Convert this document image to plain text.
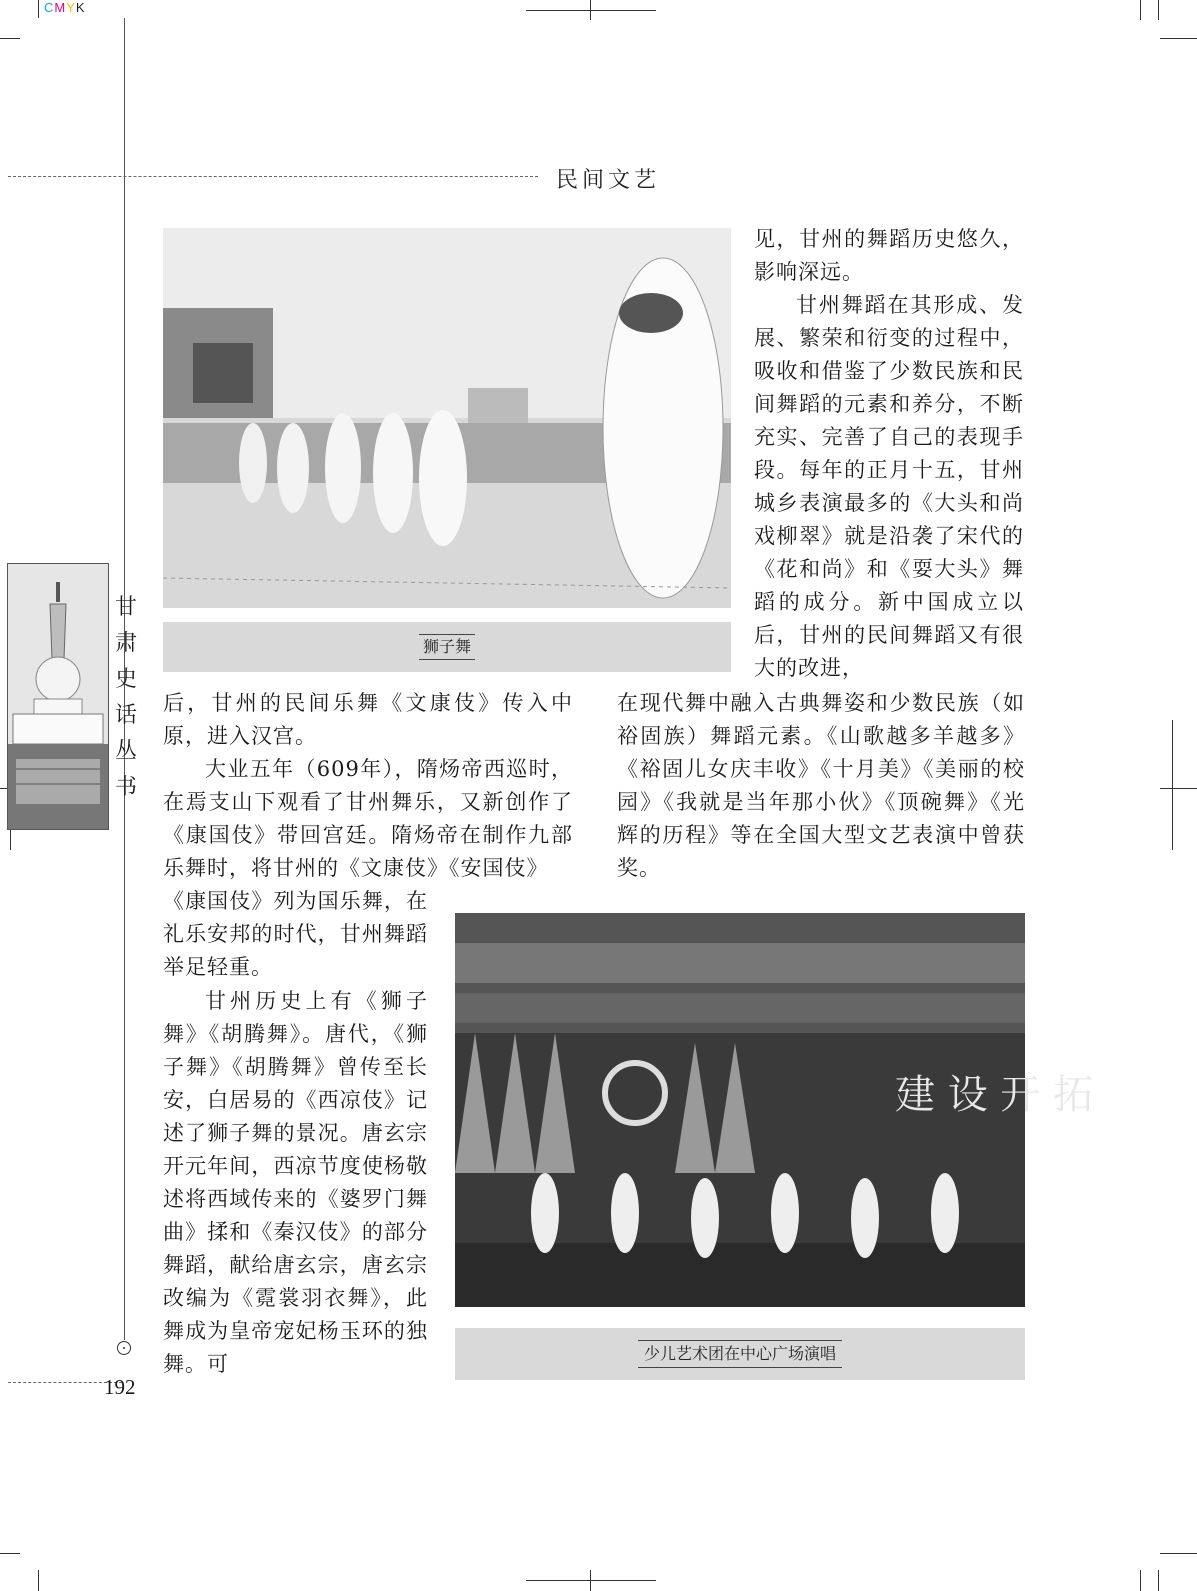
CMYK
民间文艺
甘
肃
史
话
丛
书
狮子舞
见，甘州的舞蹈历史悠久，影响深远。
甘州舞蹈在其形成、发展、繁荣和衍变的过程中，吸收和借鉴了少数民族和民间舞蹈的元素和养分，不断充实、完善了自己的表现手段。每年的正月十五，甘州城乡表演最多的《大头和尚戏柳翠》就是沿袭了宋代的《花和尚》和《耍大头》舞蹈的成分。新中国成立以后，甘州的民间舞蹈又有很大的改进，
后，甘州的民间乐舞《文康伎》传入中原，进入汉宫。
大业五年（609年），隋炀帝西巡时，在焉支山下观看了甘州舞乐，又新创作了《康国伎》带回宫廷。隋炀帝在制作九部乐舞时，将甘州的《文康伎》《安国伎》
《康国伎》列为国乐舞，在礼乐安邦的时代，甘州舞蹈举足轻重。
甘州历史上有《狮子舞》《胡腾舞》。唐代，《狮子舞》《胡腾舞》曾传至长安，白居易的《西凉伎》记述了狮子舞的景况。唐玄宗开元年间，西凉节度使杨敬述将西域传来的《婆罗门舞曲》揉和《秦汉伎》的部分舞蹈，献给唐玄宗，唐玄宗改编为《霓裳羽衣舞》，此舞成为皇帝宠妃杨玉环的独舞。可
在现代舞中融入古典舞姿和少数民族（如裕固族）舞蹈元素。《山歌越多羊越多》《裕固儿女庆丰收》《十月美》《美丽的校园》《我就是当年那小伙》《顶碗舞》《光辉的历程》等在全国大型文艺表演中曾获奖。
建 设 开 拓
少儿艺术团在中心广场演唱
192
